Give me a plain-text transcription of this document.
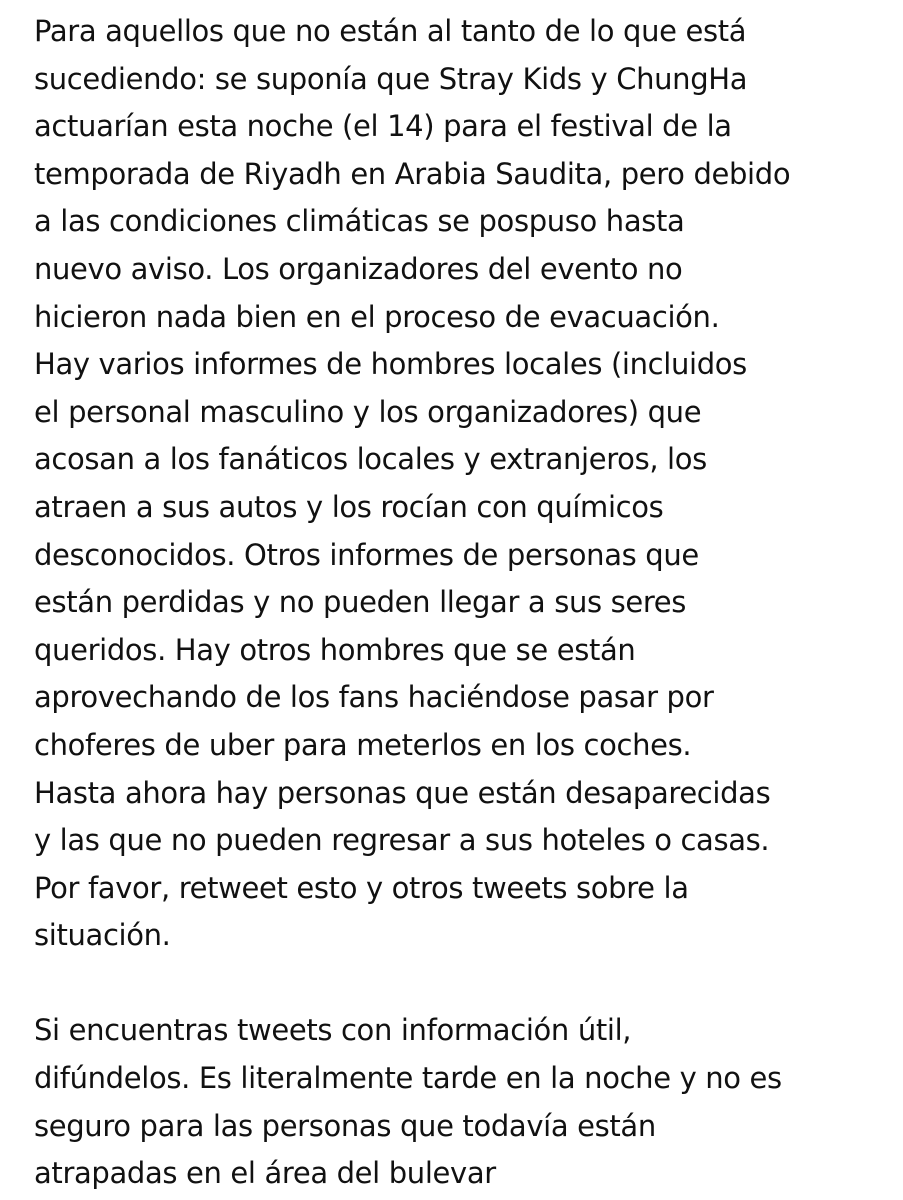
Para aquellos que no están al tanto de lo que está
sucediendo: se suponía que Stray Kids y ChungHa
actuarían esta noche (el 14) para el festival de la
temporada de Riyadh en Arabia Saudita, pero debido
a las condiciones climáticas se pospuso hasta
nuevo aviso. Los organizadores del evento no
hicieron nada bien en el proceso de evacuación.
Hay varios informes de hombres locales (incluidos
el personal masculino y los organizadores) que
acosan a los fanáticos locales y extranjeros, los
atraen a sus autos y los rocían con químicos
desconocidos. Otros informes de personas que
están perdidas y no pueden llegar a sus seres
queridos. Hay otros hombres que se están
aprovechando de los fans haciéndose pasar por
choferes de uber para meterlos en los coches.
Hasta ahora hay personas que están desaparecidas
y las que no pueden regresar a sus hoteles o casas.
Por favor, retweet esto y otros tweets sobre la
situación.
Si encuentras tweets con información útil,
difúndelos. Es literalmente tarde en la noche y no es
seguro para las personas que todavía están
atrapadas en el área del bulevar
